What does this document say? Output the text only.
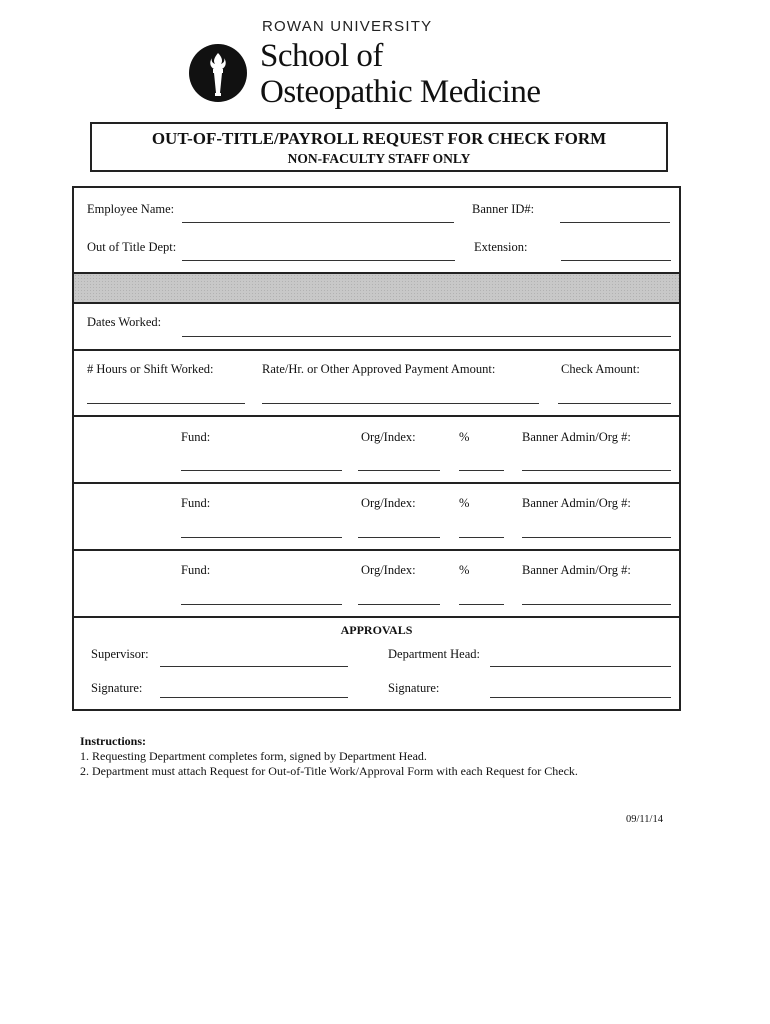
ROWAN UNIVERSITY
School of
Osteopathic Medicine
OUT-OF-TITLE/PAYROLL REQUEST FOR CHECK FORM
NON-FACULTY STAFF ONLY
Employee Name:	Banner ID#:
Out of Title Dept:	Extension:
Dates Worked:
# Hours or Shift Worked:	Rate/Hr. or Other Approved Payment Amount:	Check Amount:
Fund:	Org/Index:	%	Banner Admin/Org #:
Fund:	Org/Index:	%	Banner Admin/Org #:
Fund:	Org/Index:	%	Banner Admin/Org #:
APPROVALS
Supervisor:	Department Head:
Signature:	Signature:
Instructions:
1. Requesting Department completes form, signed by Department Head.
2. Department must attach Request for Out-of-Title Work/Approval Form with each Request for Check.
09/11/14
